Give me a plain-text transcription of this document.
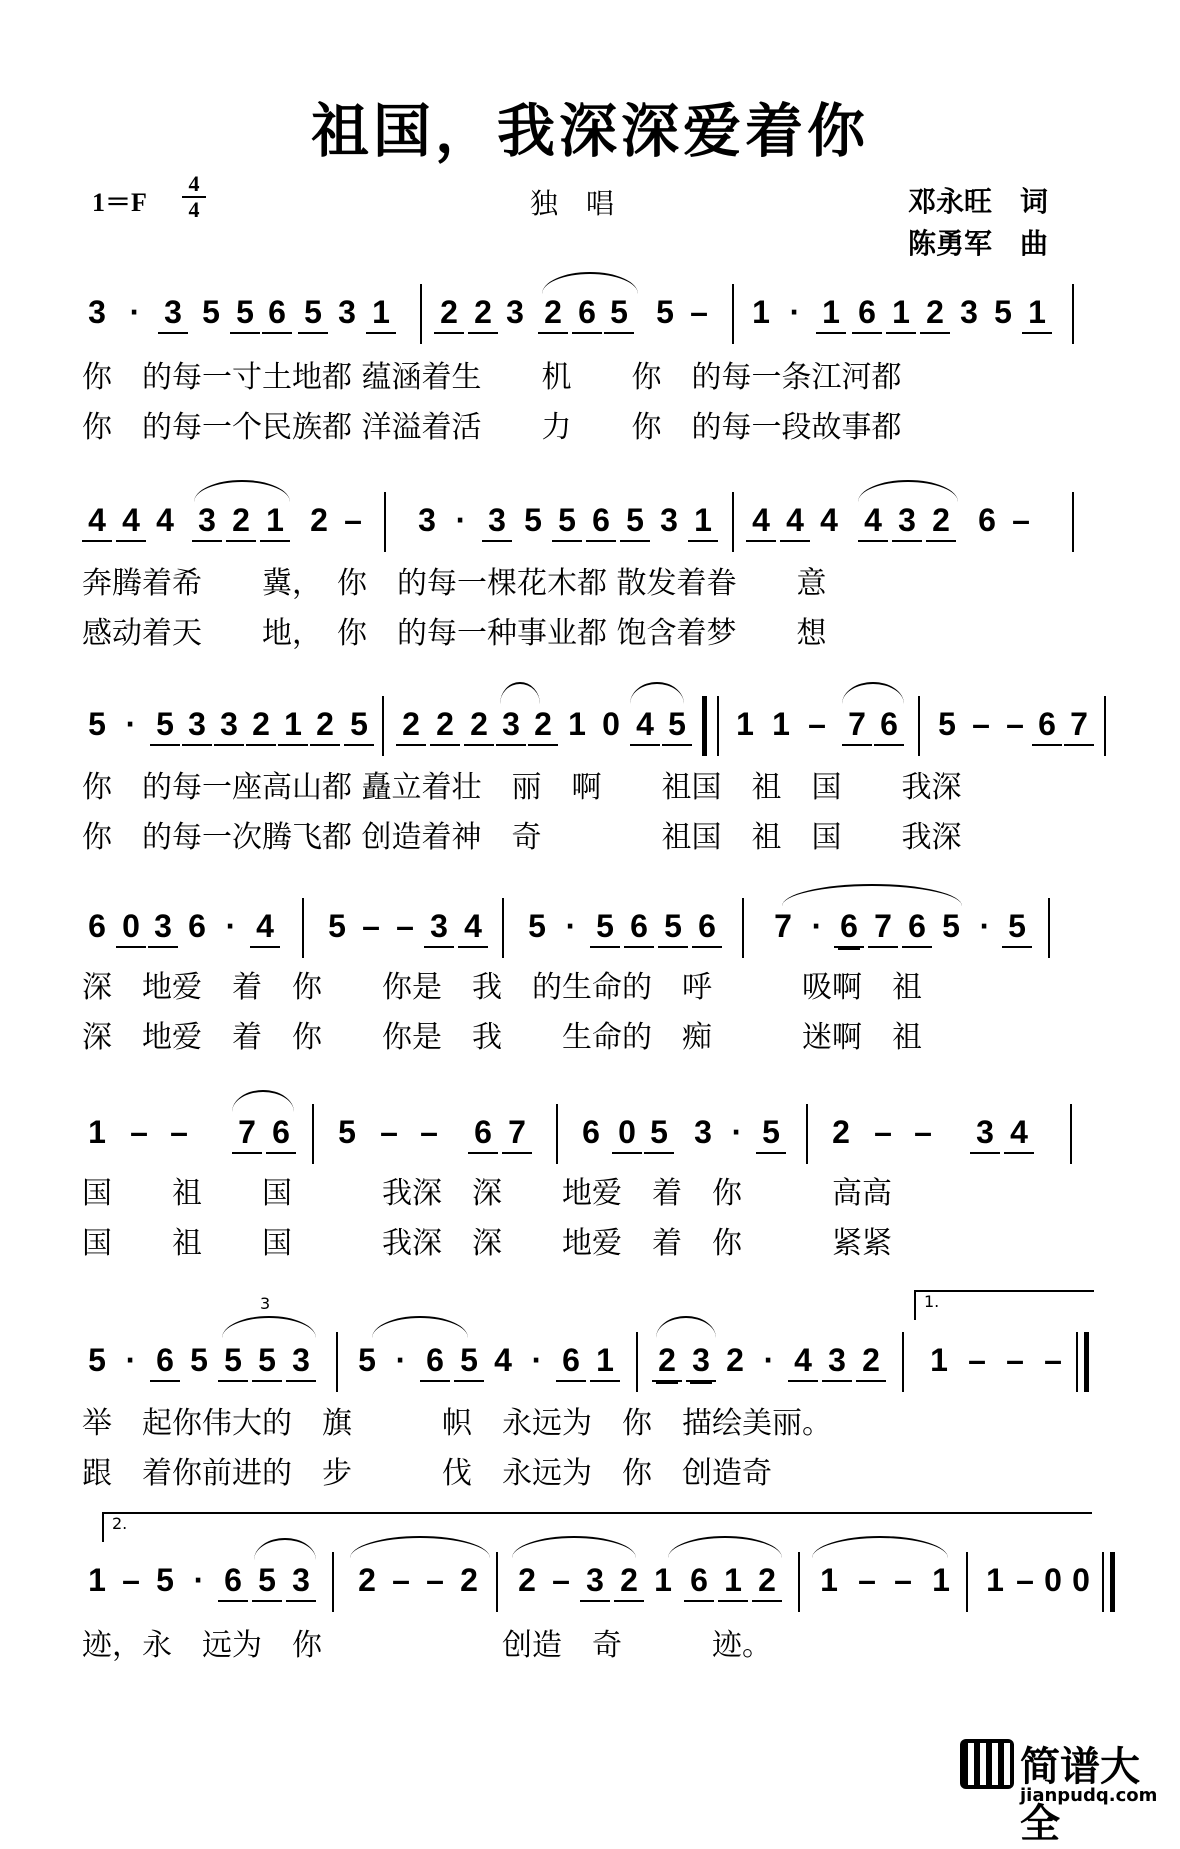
祖国，我深深爱着你
1＝F
4
4	独　唱	邓永旺　词
陈勇军　曲
3 · 3 5 5 6 5 3 1 2 2 3 2 6 5 5 – 1 · 1 6 1 2 3 5 1
你　的每一寸土地都 蕴涵着生　　机　　你　的每一条江河都
你　的每一个民族都 洋溢着活　　力　　你　的每一段故事都
4 4 4 3 2 1 2 – 3 · 3 5 5 6 5 3 1 4 4 4 4 3 2 6 –
奔腾着希　　冀，　你　的每一棵花木都 散发着眷　　意
感动着天　　地，　你　的每一种事业都 饱含着梦　　想
5 · 5 3 3 2 1 2 5 2 2 2 3 2 1 0 4 5 1 1 – 7 6 5 – – 6 7
你　的每一座高山都 矗立着壮　丽　啊　　祖国　祖　国　　我深
你　的每一次腾飞都 创造着神　奇　　　　祖国　祖　国　　我深
6 0 3 6 · 4 5 – – 3 4 5 · 5 6 5 6 7 · 6 7 6 5 · 5
深　地爱　着　你　　你是　我　的生命的　呼　　　吸啊　祖
深　地爱　着　你　　你是　我　　生命的　痴　　　迷啊　祖
1 – – 7 6 5 – – 6 7 6 0 5 3 · 5 2 – – 3 4
国　　祖　　国　　　我深　深　　地爱　着　你　　　高高
国　　祖　　国　　　我深　深　　地爱　着　你　　　紧紧
1.
5 · 6 5
3
5 5 3 5 · 6 5 4 · 6 1 2 3 2 · 4 3 2 1 – – –
举　起你伟大的　旗　　　帜　永远为　你　描绘美丽。
跟　着你前进的　步　　　伐　永远为　你　创造奇
2.
1 – 5 · 6 5 3 2 – – 2 2 – 3 2 1 6 1 2 1 – – 1 1 – 0 0
迹，永　远为　你　　　　　　创造　奇　　　迹。
简谱大全
jianpudq.com
